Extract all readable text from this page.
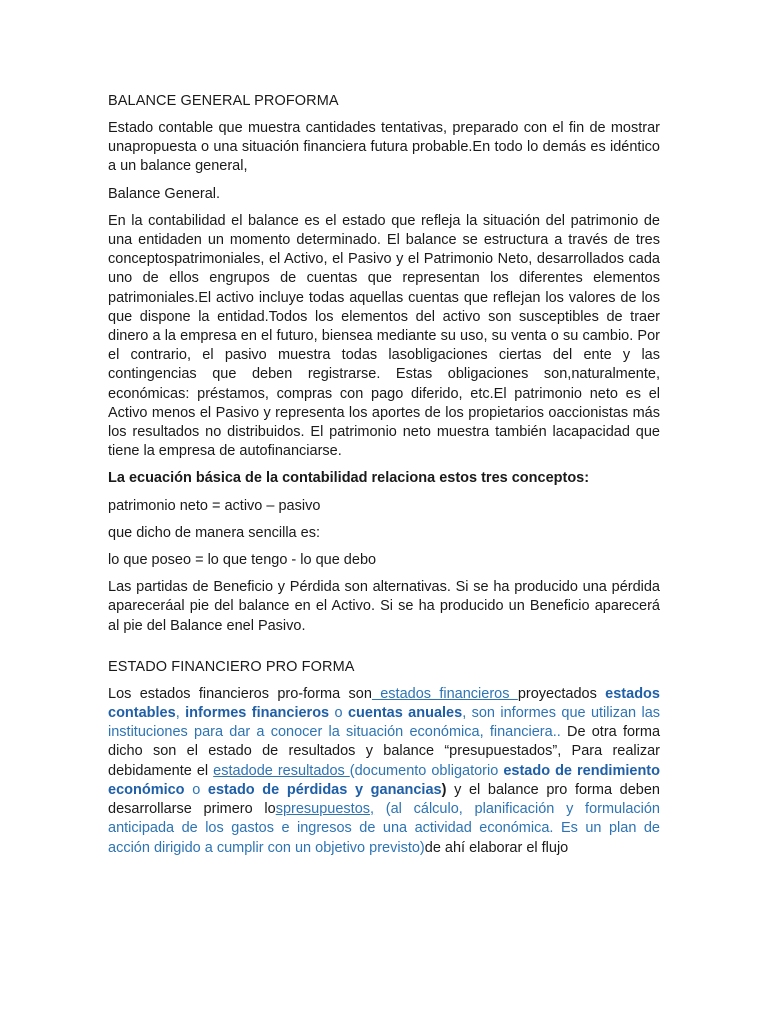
BALANCE GENERAL PROFORMA

Estado contable que muestra cantidades tentativas, preparado con el fin de mostrar unapropuesta o una situación financiera futura probable.En todo lo demás es idéntico a un balance general,

Balance General.

En la contabilidad el balance es el estado que refleja la situación del patrimonio de una entidaden un momento determinado. El balance se estructura a través de tres conceptospatrimoniales, el Activo, el Pasivo y el Patrimonio Neto, desarrollados cada uno de ellos engrupos de cuentas que representan los diferentes elementos patrimoniales.El activo incluye todas aquellas cuentas que reflejan los valores de los que dispone la entidad.Todos los elementos del activo son susceptibles de traer dinero a la empresa en el futuro, biensea mediante su uso, su venta o su cambio. Por el contrario, el pasivo muestra todas lasobligaciones ciertas del ente y las contingencias que deben registrarse. Estas obligaciones son,naturalmente, económicas: préstamos, compras con pago diferido, etc.El patrimonio neto es el Activo menos el Pasivo y representa los aportes de los propietarios oaccionistas más los resultados no distribuidos. El patrimonio neto muestra también lacapacidad que tiene la empresa de autofinanciarse.

La ecuación básica de la contabilidad relaciona estos tres conceptos:

patrimonio neto = activo – pasivo

que dicho de manera sencilla es:

lo que poseo = lo que tengo - lo que debo

Las partidas de Beneficio y Pérdida son alternativas. Si se ha producido una pérdida apareceráal pie del balance en el Activo. Si se ha producido un Beneficio aparecerá al pie del Balance enel Pasivo.

ESTADO FINANCIERO PRO FORMA

Los estados financieros pro-forma son estados financieros proyectados estados contables, informes financieros o cuentas anuales, son informes que utilizan las instituciones para dar a conocer la situación económica, financiera.. De otra forma dicho son el estado de resultados y balance “presupuestados”, Para realizar debidamente el estadode resultados (documento obligatorio estado de rendimiento económico o estado de pérdidas y ganancias) y el balance pro forma deben desarrollarse primero lospresupuestos, (al cálculo, planificación y formulación anticipada de los gastos e ingresos de una actividad económica. Es un plan de acción dirigido a cumplir con un objetivo previsto)de ahí elaborar el flujo
